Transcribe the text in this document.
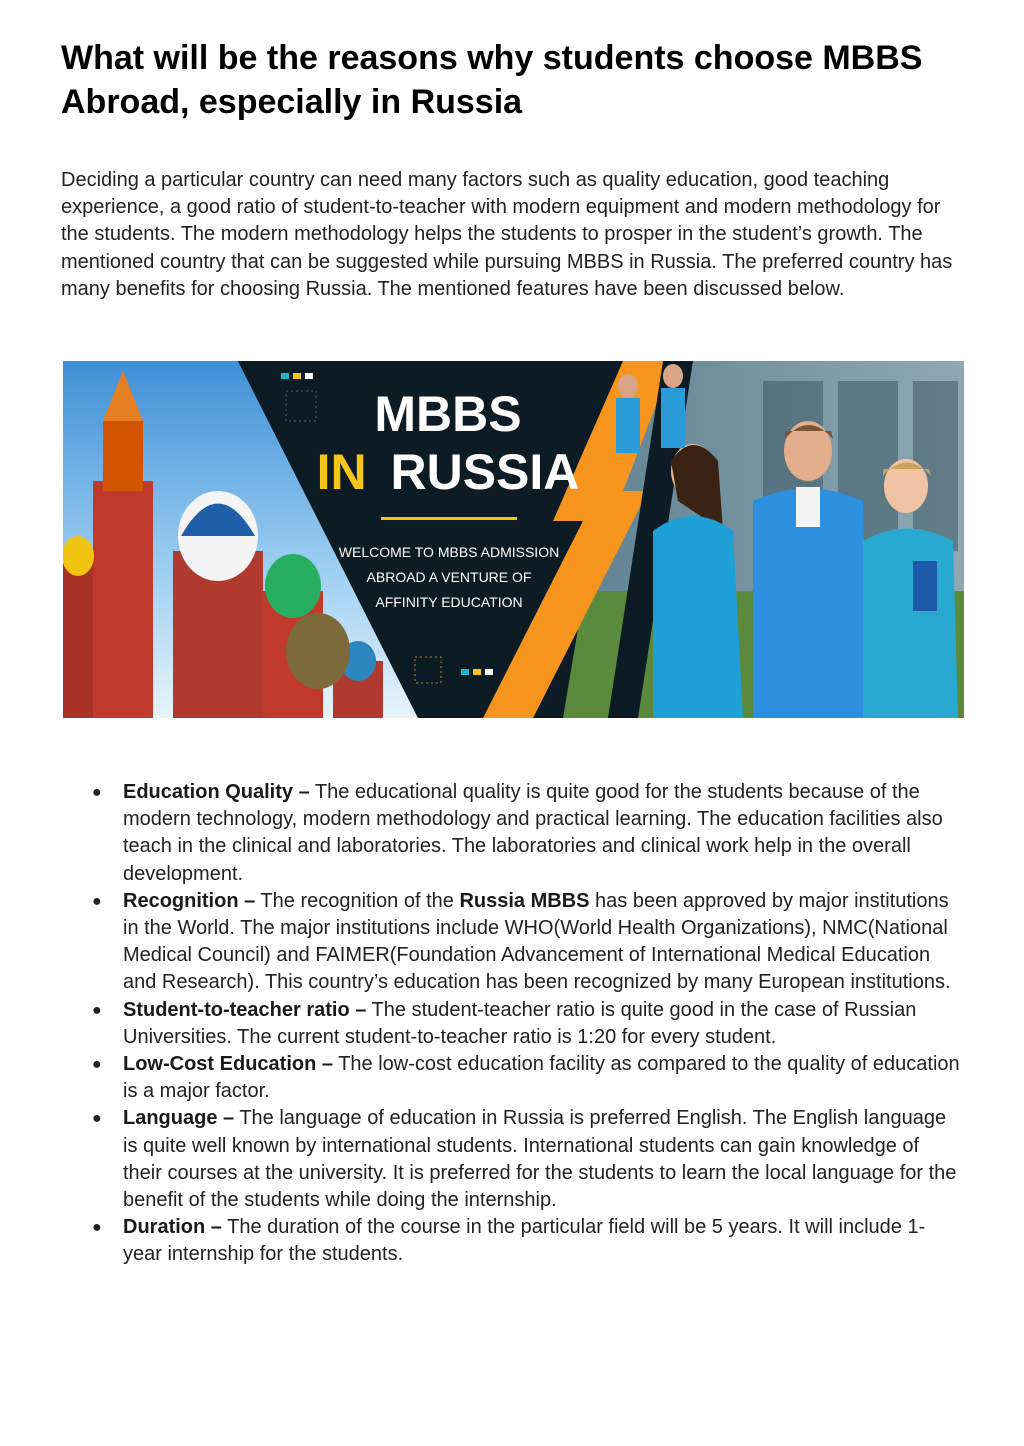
What will be the reasons why students choose MBBS Abroad, especially in Russia

Deciding a particular country can need many factors such as quality education, good teaching experience, a good ratio of student-to-teacher with modern equipment and modern methodology for the students. The modern methodology helps the students to prosper in the student’s growth. The mentioned country that can be suggested while pursuing MBBS in Russia. The preferred country has many benefits for choosing Russia. The mentioned features have been discussed below.

MBBS
IN RUSSIA
WELCOME TO MBBS ADMISSION
ABROAD A VENTURE OF
AFFINITY EDUCATION
● Education Quality – The educational quality is quite good for the students because of the modern technology, modern methodology and practical learning. The education facilities also teach in the clinical and laboratories. The laboratories and clinical work help in the overall development.
● Recognition – The recognition of the Russia MBBS has been approved by major institutions in the World. The major institutions include WHO(World Health Organizations), NMC(National Medical Council) and FAIMER(Foundation Advancement of International Medical Education and Research). This country’s education has been recognized by many European institutions.
● Student-to-teacher ratio – The student-teacher ratio is quite good in the case of Russian Universities. The current student-to-teacher ratio is 1:20 for every student.
● Low-Cost Education – The low-cost education facility as compared to the quality of education is a major factor.
● Language – The language of education in Russia is preferred English. The English language is quite well known by international students. International students can gain knowledge of their courses at the university. It is preferred for the students to learn the local language for the benefit of the students while doing the internship.
● Duration – The duration of the course in the particular field will be 5 years. It will include 1-year internship for the students.
